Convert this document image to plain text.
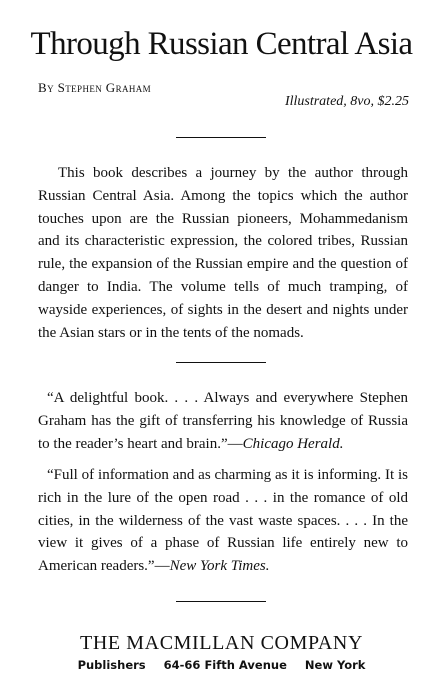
Through Russian Central Asia
By Stephen Graham
Illustrated, 8vo, $2.25

This book describes a journey by the author through Russian Central Asia. Among the topics which the author touches upon are the Russian pioneers, Mohammedanism and its characteristic expression, the colored tribes, Russian rule, the expansion of the Russian empire and the question of danger to India. The volume tells of much tramping, of wayside experiences, of sights in the desert and nights under the Asian stars or in the tents of the nomads.

“A delightful book. . . . Always and everywhere Stephen Graham has the gift of transferring his knowledge of Russia to the reader’s heart and brain.”—Chicago Herald.

“Full of information and as charming as it is informing. It is rich in the lure of the open road . . . in the romance of old cities, in the wilderness of the vast waste spaces. . . . In the view it gives of a phase of Russian life entirely new to American readers.”—New York Times.

THE MACMILLAN COMPANY
Publishers 64-66 Fifth Avenue New York
